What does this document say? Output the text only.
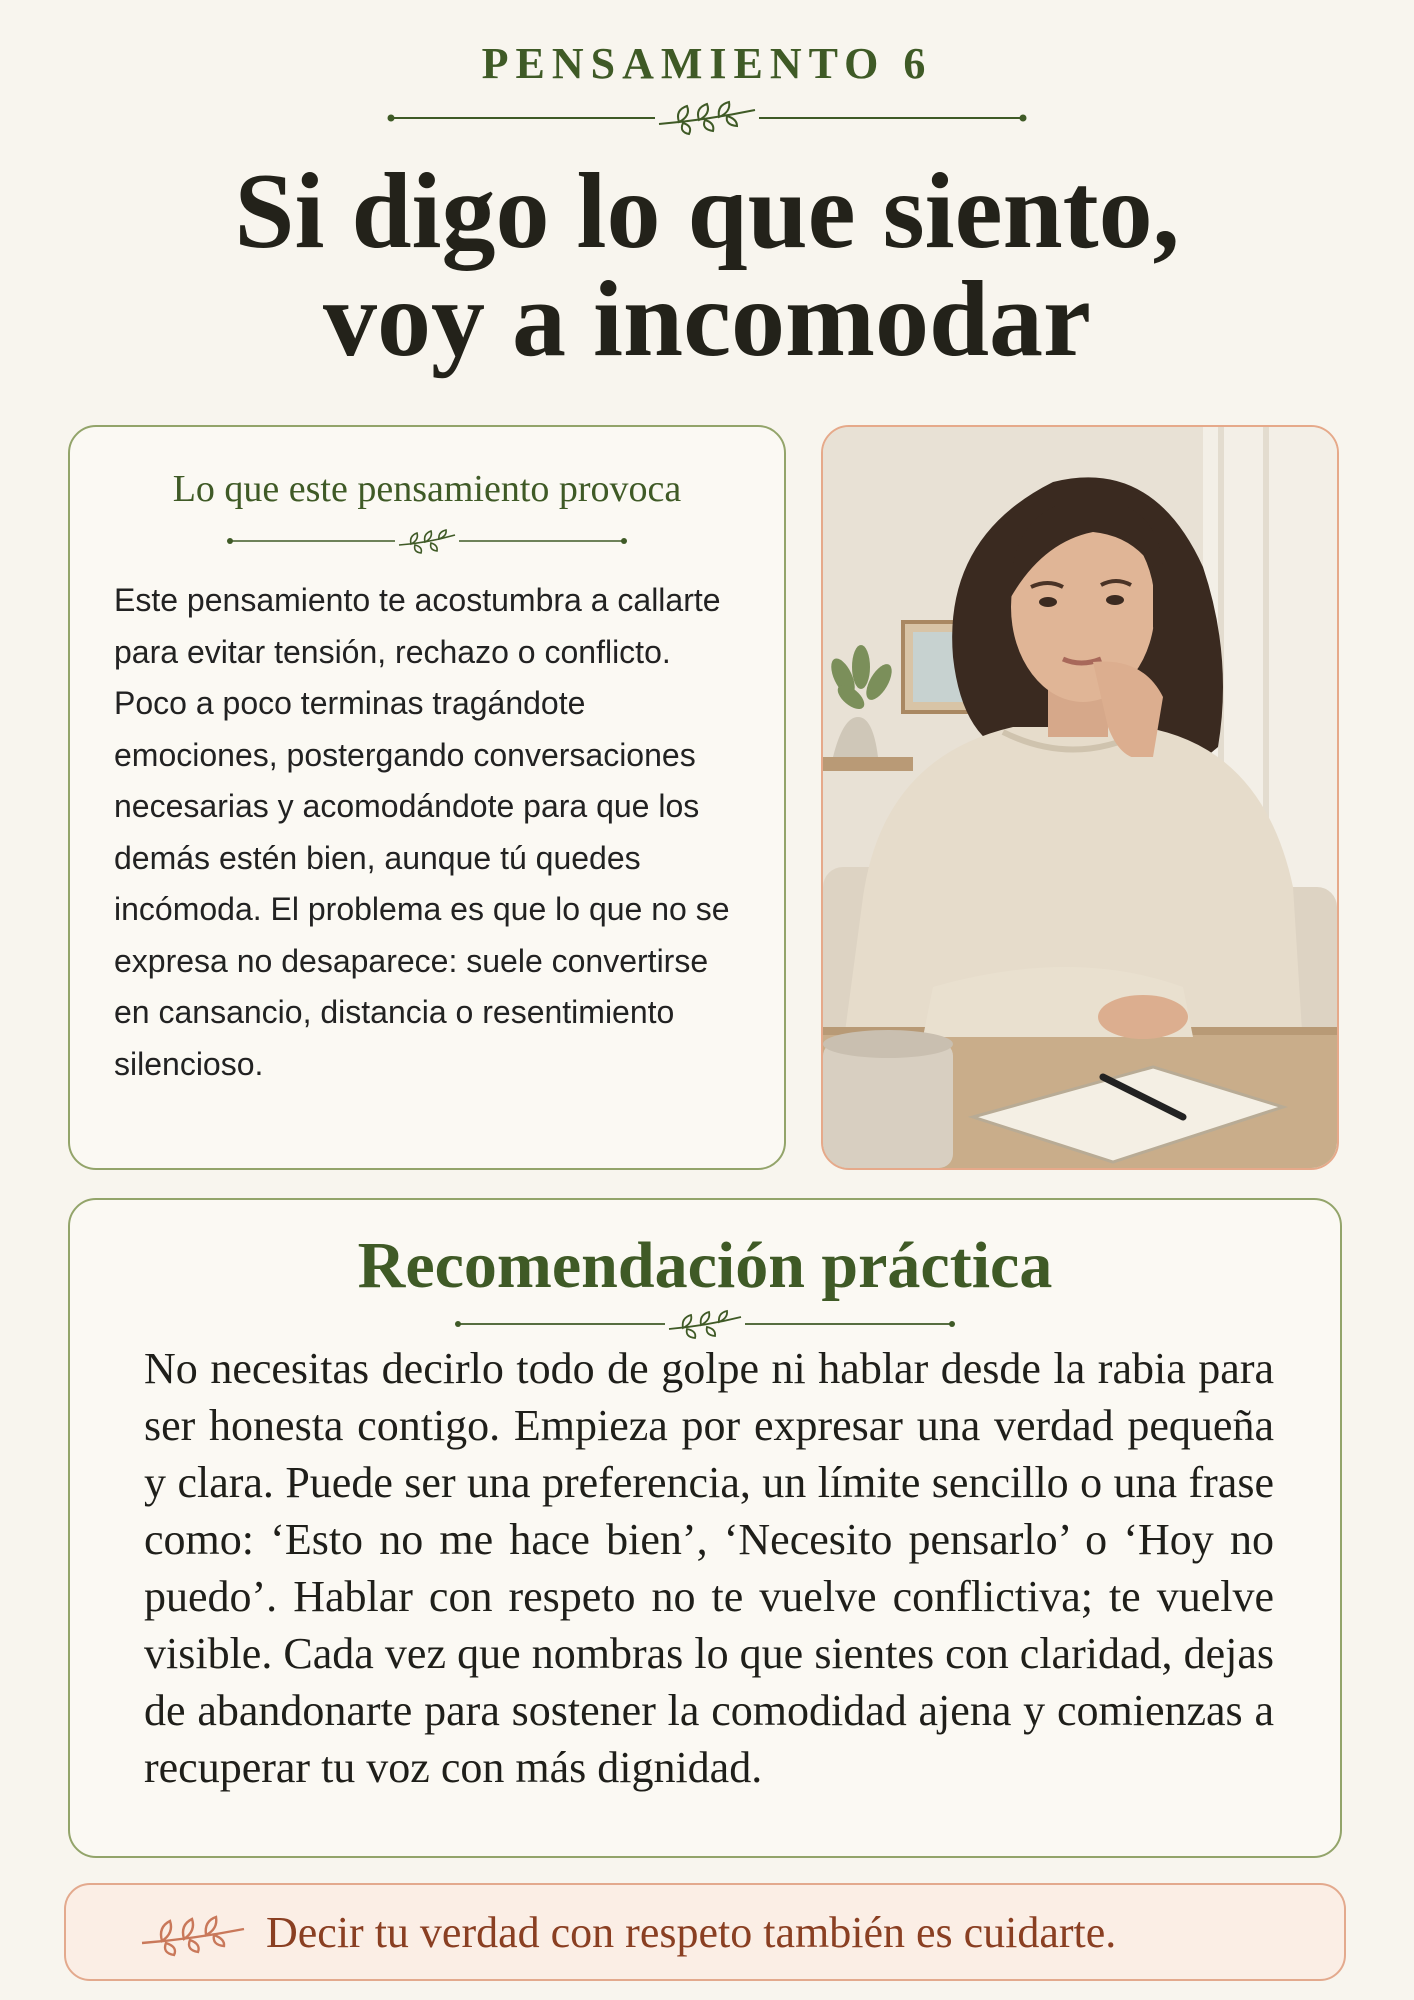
PENSAMIENTO 6
Si digo lo que siento,
voy a incomodar
Lo que este pensamiento provoca

Este pensamiento te acostumbra a callarte para evitar tensión, rechazo o conflicto. Poco a poco terminas tragándote emociones, postergando conversaciones necesarias y acomodándote para que los demás estén bien, aunque tú quedes incómoda. El problema es que lo que no se expresa no desaparece: suele convertirse en cansancio, distancia o resentimiento silencioso.

Recomendación práctica

No necesitas decirlo todo de golpe ni hablar desde la rabia para ser honesta contigo. Empieza por expresar una verdad pequeña y clara. Puede ser una preferencia, un límite sencillo o una frase como: ‘Esto no me hace bien’, ‘Necesito pensarlo’ o ‘Hoy no puedo’. Hablar con respeto no te vuelve conflictiva; te vuelve visible. Cada vez que nombras lo que sientes con claridad, dejas de abandonarte para sostener la comodidad ajena y comienzas a recuperar tu voz con más dignidad.

Decir tu verdad con respeto también es cuidarte.
